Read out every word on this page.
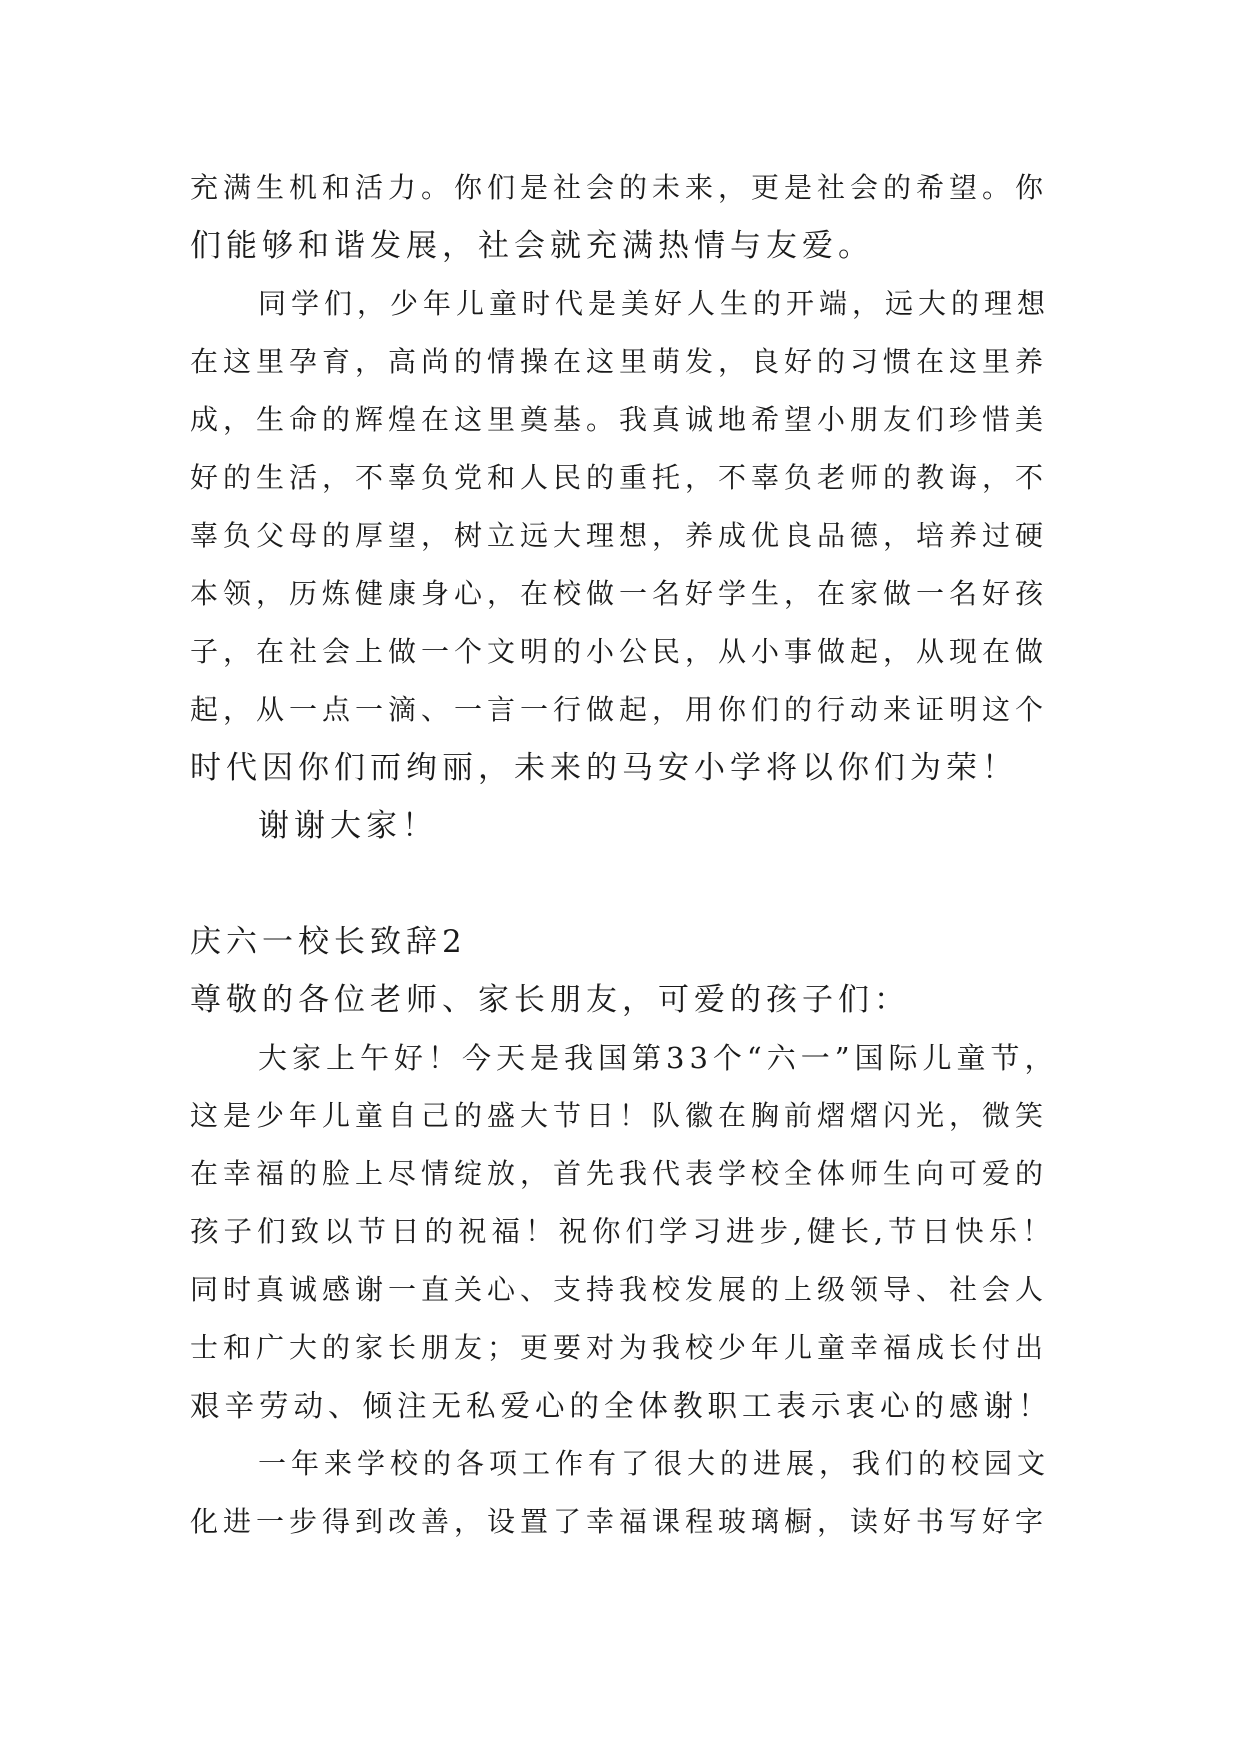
充满生机和活力。你们是社会的未来，更是社会的希望。你
们能够和谐发展，社会就充满热情与友爱。
同学们，少年儿童时代是美好人生的开端，远大的理想
在这里孕育，高尚的情操在这里萌发，良好的习惯在这里养
成，生命的辉煌在这里奠基。我真诚地希望小朋友们珍惜美
好的生活，不辜负党和人民的重托，不辜负老师的教诲，不
辜负父母的厚望，树立远大理想，养成优良品德，培养过硬
本领，历炼健康身心，在校做一名好学生，在家做一名好孩
子，在社会上做一个文明的小公民，从小事做起，从现在做
起，从一点一滴、一言一行做起，用你们的行动来证明这个
时代因你们而绚丽，未来的马安小学将以你们为荣！
谢谢大家！
庆六一校长致辞2
尊敬的各位老师、家长朋友，可爱的孩子们：
大家上午好！今天是我国第33个“六一”国际儿童节，
这是少年儿童自己的盛大节日！队徽在胸前熠熠闪光，微笑
在幸福的脸上尽情绽放，首先我代表学校全体师生向可爱的
孩子们致以节日的祝福！祝你们学习进步,健长,节日快乐！
同时真诚感谢一直关心、支持我校发展的上级领导、社会人
士和广大的家长朋友；更要对为我校少年儿童幸福成长付出
艰辛劳动、倾注无私爱心的全体教职工表示衷心的感谢！
一年来学校的各项工作有了很大的进展，我们的校园文
化进一步得到改善，设置了幸福课程玻璃橱，读好书写好字
